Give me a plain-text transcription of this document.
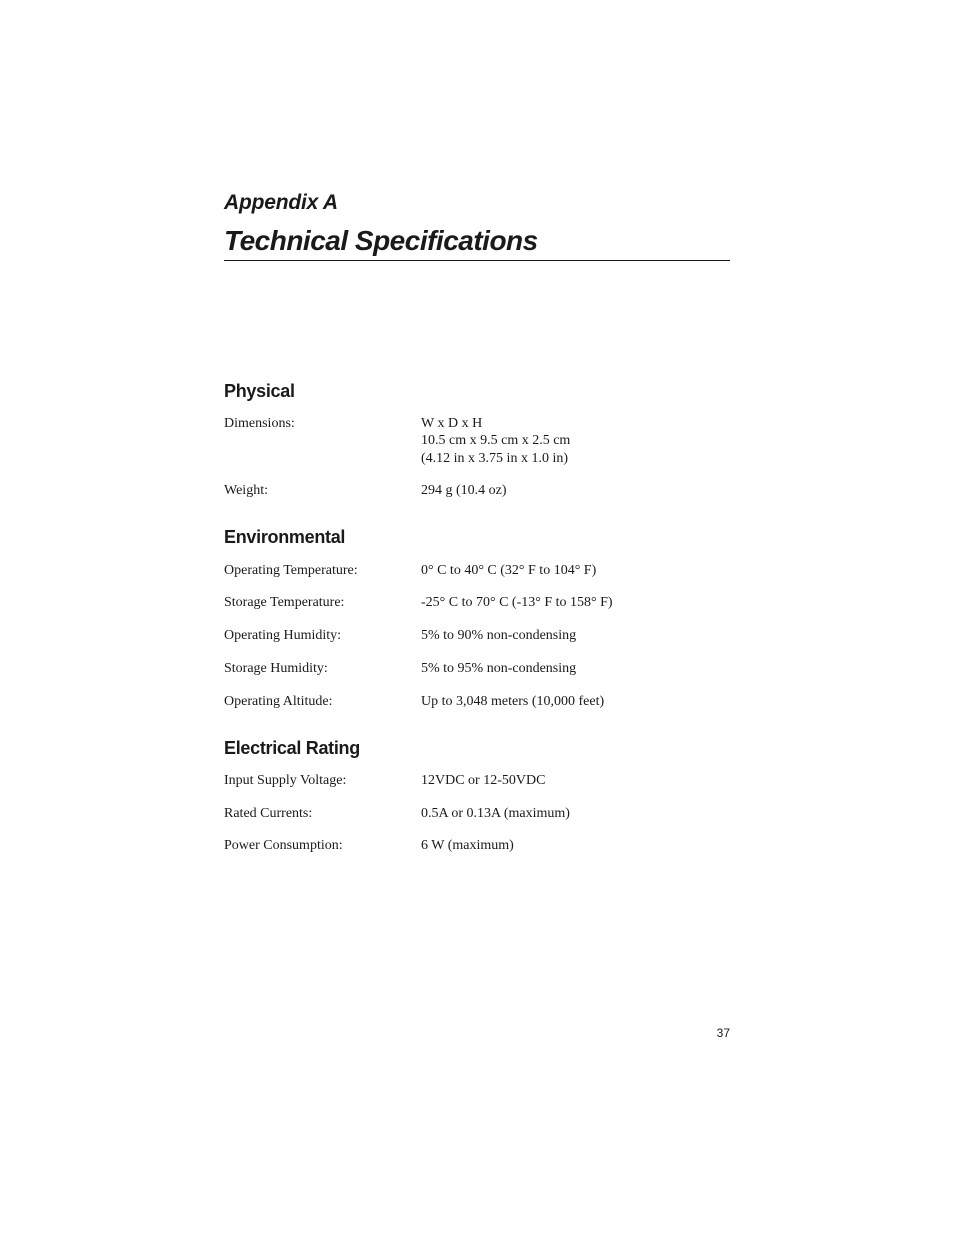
Appendix A
Technical Specifications
Physical
Dimensions:	W x D x H
10.5 cm x 9.5 cm x 2.5 cm
(4.12 in x 3.75 in x 1.0 in)
Weight:	294 g (10.4 oz)
Environmental
Operating Temperature:	0° C to 40° C (32° F to 104° F)
Storage Temperature:	-25° C to 70° C (-13° F to 158° F)
Operating Humidity:	5% to 90% non-condensing
Storage Humidity:	5% to 95% non-condensing
Operating Altitude:	Up to 3,048 meters (10,000 feet)
Electrical Rating
Input Supply Voltage:	12VDC or 12-50VDC
Rated Currents:	0.5A or 0.13A (maximum)
Power Consumption:	6 W (maximum)
37
